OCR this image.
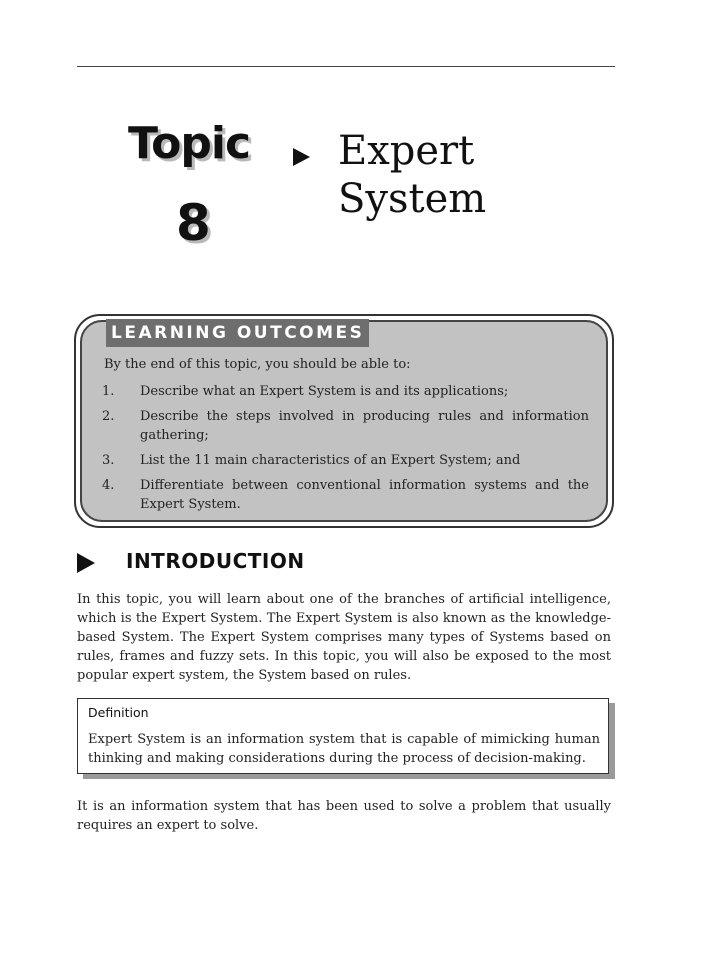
Topic
8
Expert
System
LEARNING OUTCOMES
By the end of this topic, you should be able to:
1. Describe what an Expert System is and its applications;
2. Describe the steps involved in producing rules and information gathering;
3. List the 11 main characteristics of an Expert System; and
4. Differentiate between conventional information systems and the Expert System.
INTRODUCTION

In this topic, you will learn about one of the branches of artificial intelligence, which is the Expert System. The Expert System is also known as the knowledge-based System. The Expert System comprises many types of Systems based on rules, frames and fuzzy sets. In this topic, you will also be exposed to the most popular expert system, the System based on rules.

Definition

Expert System is an information system that is capable of mimicking human thinking and making considerations during the process of decision-making.

It is an information system that has been used to solve a problem that usually requires an expert to solve.
